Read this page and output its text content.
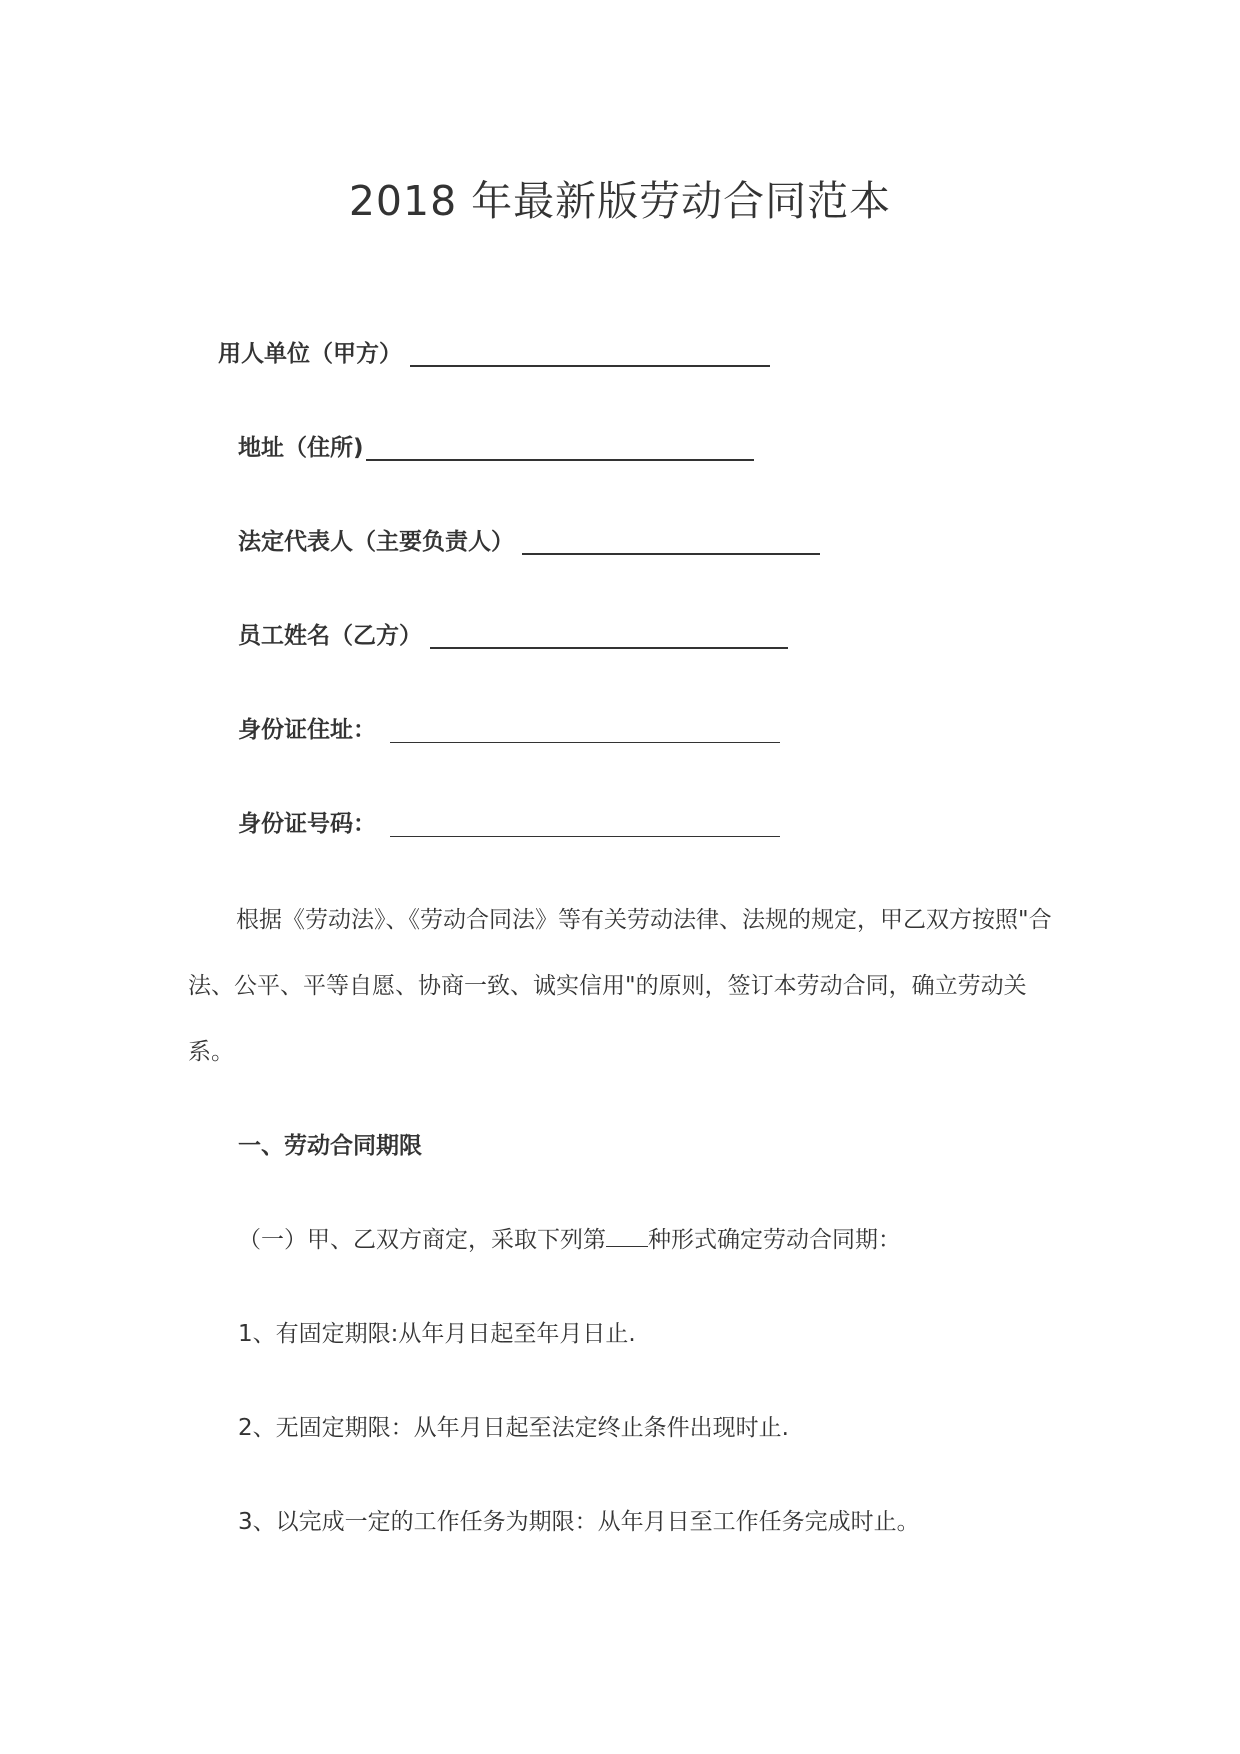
2018 年最新版劳动合同范本
用人单位（甲方）
地址（住所)
法定代表人（主要负责人）
员工姓名（乙方）
身份证住址：
身份证号码：

根据《劳动法》、《劳动合同法》等有关劳动法律、法规的规定，甲乙双方按照"合法、公平、平等自愿、协商一致、诚实信用"的原则，签订本劳动合同，确立劳动关系。

一、劳动合同期限
（一）甲、乙双方商定，采取下列第 种形式确定劳动合同期：
1、有固定期限:从年月日起至年月日止.
2、无固定期限：从年月日起至法定终止条件出现时止.
3、以完成一定的工作任务为期限：从年月日至工作任务完成时止。
